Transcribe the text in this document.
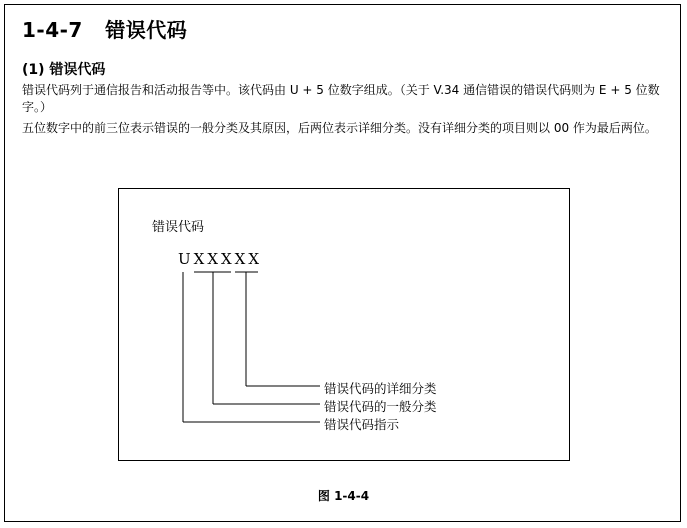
1-4-7   错误代码
(1) 错误代码

错误代码列于通信报告和活动报告等中。该代码由 U + 5 位数字组成。（关于 V.34 通信错误的错误代码则为 E + 5 位数字。）

五位数字中的前三位表示错误的一般分类及其原因，后两位表示详细分类。没有详细分类的项目则以 00 作为最后两位。

错误代码
UXXXXX
错误代码的详细分类
错误代码的一般分类
错误代码指示
图 1-4-4
